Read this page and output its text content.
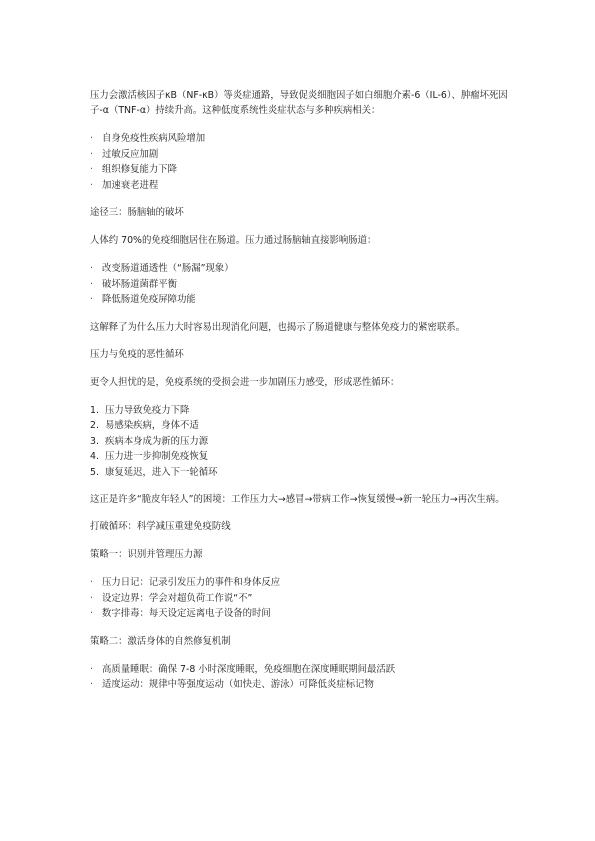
压力会激活核因子κB（NF-κB）等炎症通路，导致促炎细胞因子如白细胞介素-6（IL-6）、肿瘤坏死因子-α（TNF-α）持续升高。这种低度系统性炎症状态与多种疾病相关：

· 自身免疫性疾病风险增加
· 过敏反应加剧
· 组织修复能力下降
· 加速衰老进程

途径三：肠脑轴的破坏

人体约 70%的免疫细胞居住在肠道。压力通过肠脑轴直接影响肠道：

· 改变肠道通透性（“肠漏”现象）
· 破坏肠道菌群平衡
· 降低肠道免疫屏障功能

这解释了为什么压力大时容易出现消化问题，也揭示了肠道健康与整体免疫力的紧密联系。

压力与免疫的恶性循环

更令人担忧的是，免疫系统的受损会进一步加剧压力感受，形成恶性循环：

1. 压力导致免疫力下降
2. 易感染疾病，身体不适
3. 疾病本身成为新的压力源
4. 压力进一步抑制免疫恢复
5. 康复延迟，进入下一轮循环

这正是许多“脆皮年轻人”的困境：工作压力大→感冒→带病工作→恢复缓慢→新一轮压力→再次生病。

打破循环：科学减压重建免疫防线

策略一：识别并管理压力源

· 压力日记：记录引发压力的事件和身体反应
· 设定边界：学会对超负荷工作说“不”
· 数字排毒：每天设定远离电子设备的时间

策略二：激活身体的自然修复机制

· 高质量睡眠：确保 7-8 小时深度睡眠，免疫细胞在深度睡眠期间最活跃
· 适度运动：规律中等强度运动（如快走、游泳）可降低炎症标记物
